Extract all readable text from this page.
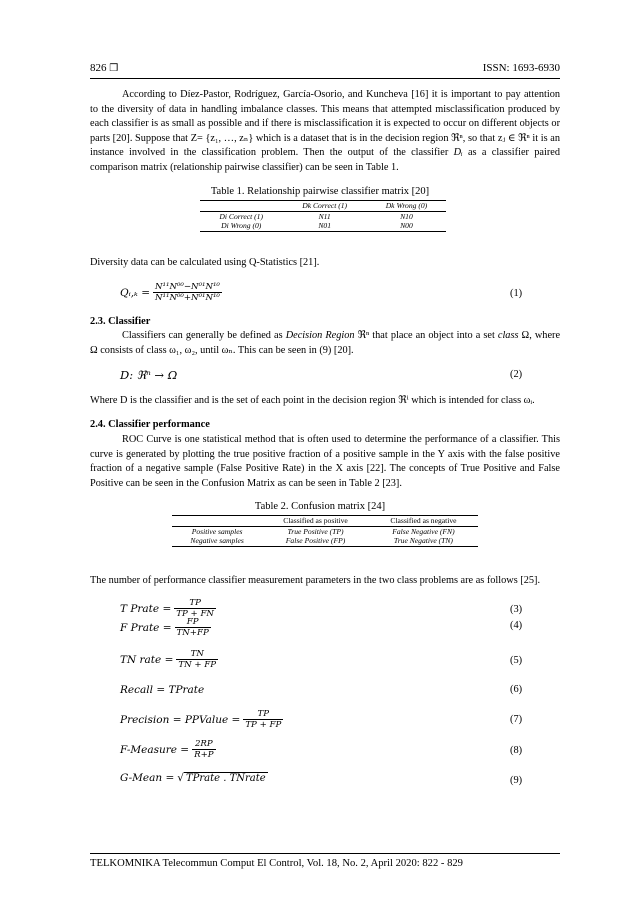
826 ❒	ISSN: 1693-6930

According to Díez-Pastor, Rodríguez, García-Osorio, and Kuncheva [16] it is important to pay attention to the diversity of data in handling imbalance classes. This means that attempted misclassification produced by each classifier is as small as possible and if there is misclassification it is expected to occur on different objects or parts [20]. Suppose that Z= {z₁, …, zₙ} which is a dataset that is in the decision region ℜⁿ, so that zⱼ ∈ ℜⁿ it is an instance involved in the classification problem. Then the output of the classifier Dᵢ as a classifier paired comparison matrix (relationship pairwise classifier) can be seen in Table 1.

Table 1. Relationship pairwise classifier matrix [20]
	Dk Correct (1)	Dk Wrong (0)
Di Correct (1)	N11	N10
Di Wrong (0)	N01	N00
Diversity data can be calculated using Q-Statistics [21].
Qᵢ,ₖ = $\frac{\text{N¹¹N⁰⁰−N⁰¹N¹⁰}}{\text{N¹¹N⁰⁰+N⁰¹N¹⁰}}$	(1)
2.3. Classifier

Classifiers can generally be defined as Decision Region ℜⁿ that place an object into a set class Ω, where Ω consists of class ω₁, ω₂, until ωₙ. This can be seen in (9) [20].

D: ℜⁿ → Ω	(2)
Where D is the classifier and is the set of each point in the decision region ℜⁱ which is intended for class ωᵢ.
2.4. Classifier performance

ROC Curve is one statistical method that is often used to determine the performance of a classifier. This curve is generated by plotting the true positive fraction of a positive sample in the Y axis with the false positive fraction of a negative sample (False Positive Rate) in the X axis [22]. The concepts of True Positive and False Positive can be seen in the Confusion Matrix as can be seen in Table 2 [23].

Table 2. Confusion matrix [24]
	Classified as positive	Classified as negative
Positive samples	True Positive (TP)	False Negative (FN)
Negative samples	False Positive (FP)	True Negative (TN)
The number of performance classifier measurement parameters in the two class problems are as follows [25].
T Prate = $\frac{TP}{TP + FN}$	(3)
F Prate = $\frac{FP}{TN+FP}$	(4)
TN rate = $\frac{TN}{TN + FP}$	(5)
Recall = TPrate	(6)
Precision = PPValue = $\frac{TP}{TP + FP}$	(7)
F-Measure = $\frac{2RP}{R+P}$	(8)
G-Mean = √ TPrate . TNrate	(9)
TELKOMNIKA Telecommun Comput El Control, Vol. 18, No. 2, April 2020: 822 - 829
